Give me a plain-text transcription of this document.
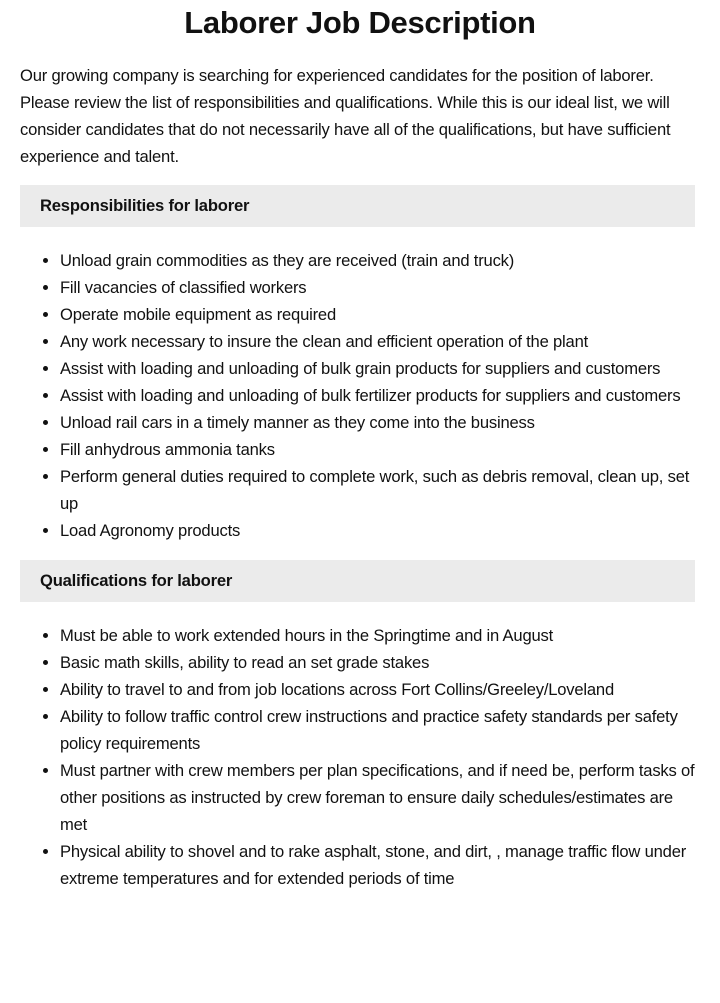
Laborer Job Description

Our growing company is searching for experienced candidates for the position of laborer. Please review the list of responsibilities and qualifications. While this is our ideal list, we will consider candidates that do not necessarily have all of the qualifications, but have sufficient experience and talent.

Responsibilities for laborer
• Unload grain commodities as they are received (train and truck)
• Fill vacancies of classified workers
• Operate mobile equipment as required
• Any work necessary to insure the clean and efficient operation of the plant
• Assist with loading and unloading of bulk grain products for suppliers and customers
• Assist with loading and unloading of bulk fertilizer products for suppliers and customers
• Unload rail cars in a timely manner as they come into the business
• Fill anhydrous ammonia tanks
• Perform general duties required to complete work, such as debris removal, clean up, set up
• Load Agronomy products
Qualifications for laborer
• Must be able to work extended hours in the Springtime and in August
• Basic math skills, ability to read an set grade stakes
• Ability to travel to and from job locations across Fort Collins/Greeley/Loveland
• Ability to follow traffic control crew instructions and practice safety standards per safety policy requirements
• Must partner with crew members per plan specifications, and if need be, perform tasks of other positions as instructed by crew foreman to ensure daily schedules/estimates are met
• Physical ability to shovel and to rake asphalt, stone, and dirt, , manage traffic flow under extreme temperatures and for extended periods of time
